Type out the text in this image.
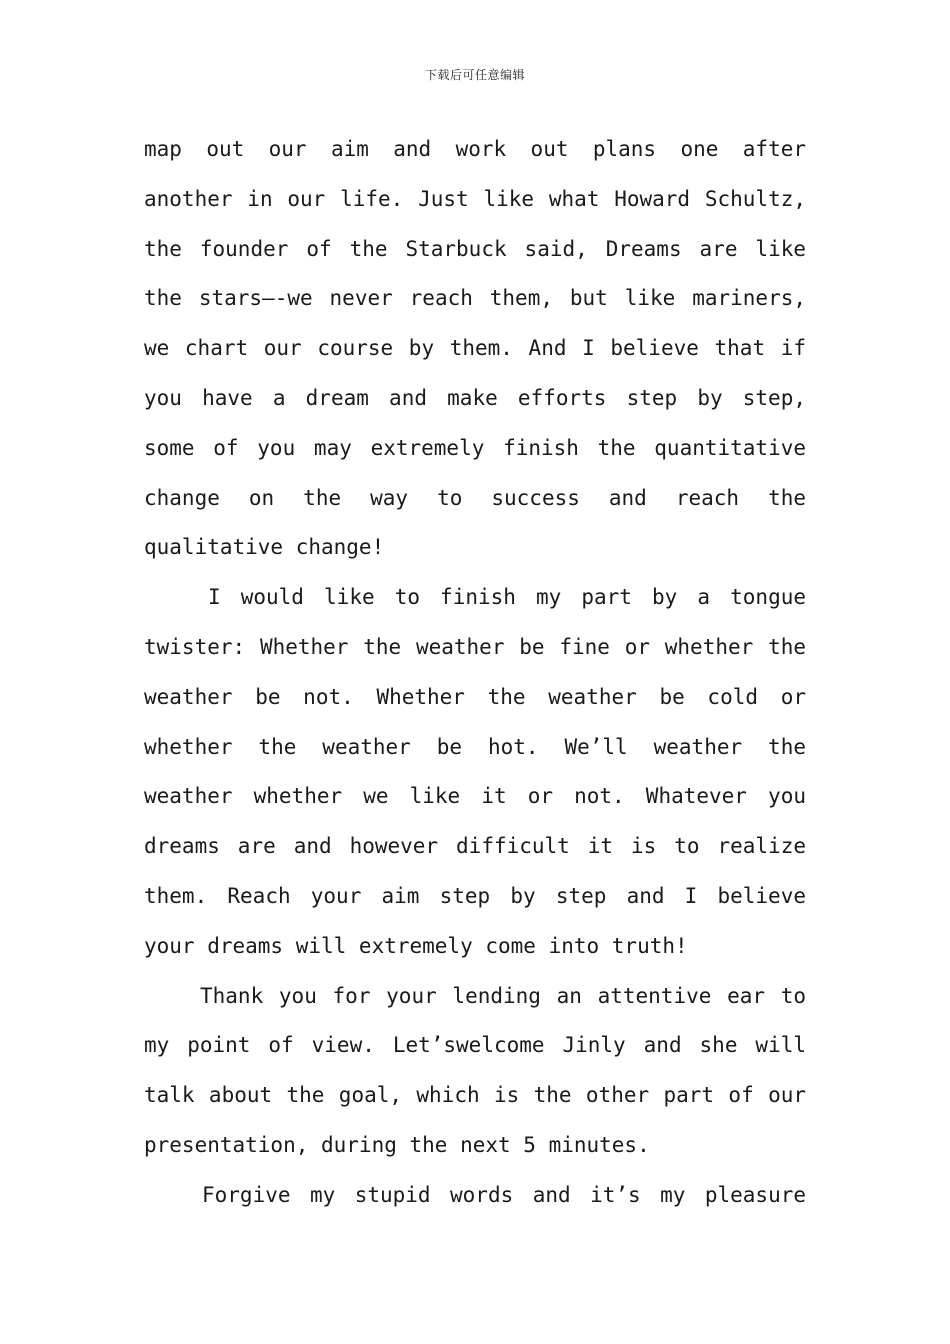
下载后可任意编辑

map out our aim and work out plans one after
another in our life. Just like what Howard Schultz,
the founder of the Starbuck said, Dreams are like
the stars—-we never reach them, but like mariners,
we chart our course by them. And I believe that if
you have a dream and make efforts step by step,
some of you may extremely finish the quantitative
change on the way to success and reach the
qualitative change!

I would like to finish my part by a tongue
twister: Whether the weather be fine or whether the
weather be not. Whether the weather be cold or
whether the weather be hot. We’ll weather the
weather whether we like it or not. Whatever you
dreams are and however difficult it is to realize
them. Reach your aim step by step and I believe
your dreams will extremely come into truth!

Thank you for your lending an attentive ear to
my point of view. Let’swelcome Jinly and she will
talk about the goal, which is the other part of our
presentation, during the next 5 minutes.

Forgive my stupid words and it’s my pleasure
